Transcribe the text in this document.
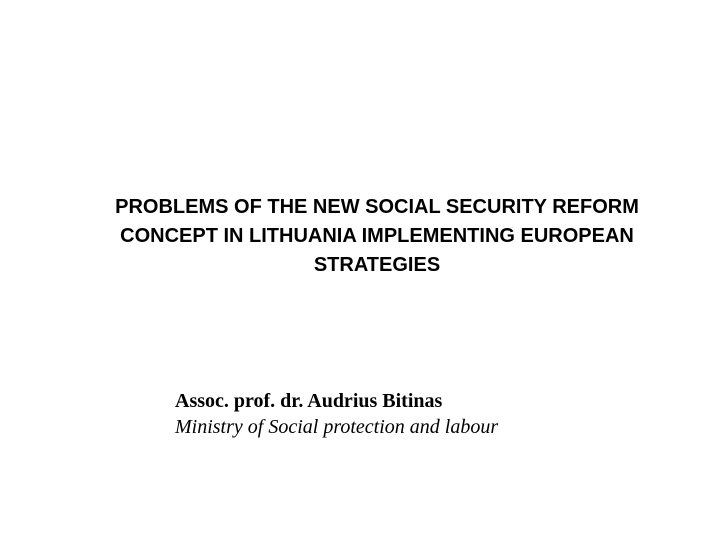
PROBLEMS OF THE NEW SOCIAL SECURITY REFORM
CONCEPT IN LITHUANIA IMPLEMENTING EUROPEAN
STRATEGIES
Assoc. prof. dr. Audrius Bitinas
Ministry of Social protection and labour
